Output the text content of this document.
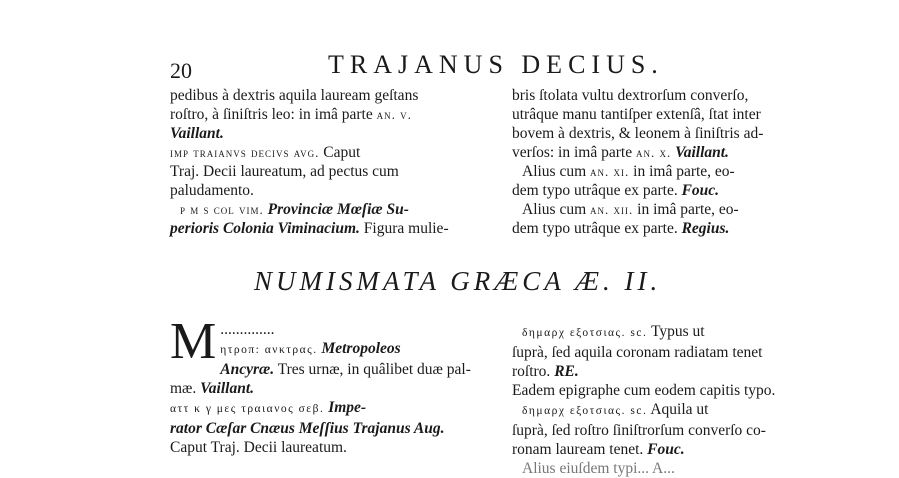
20	TRAJANUS DECIUS.

pedibus à dextris aquila lauream geſtans

roſtro, à ſiniſtris leo: in imâ parte an. v.

Vaillant.

imp traianvs decivs avg. Caput

Traj. Decii laureatum, ad pectus cum

paludamento.

p m s col vim. Provinciæ Mœſiæ Su-

perioris Colonia Viminacium. Figura mulie-

bris ſtolata vultu dextrorſum converſo,

utrâque manu tantiſper extenſâ, ſtat inter

bovem à dextris, & leonem à ſiniſtris ad-

verſos: in imâ parte an. x. Vaillant.

Alius cum an. xi. in imâ parte, eo-

dem typo utrâque ex parte. Fouc.

Alius cum an. xii. in imâ parte, eo-

dem typo utrâque ex parte. Regius.

NUMISMATA GRÆCA Æ. II.
M ..............

ητροπ: ανκτρας. Metropoleos

Ancyræ. Tres urnæ, in quâlibet duæ pal-

mæ. Vaillant.

αττ κ γ μες τραιανος σεβ. Impe-

rator Cæſar Cnæus Meſſius Trajanus Aug.

Caput Traj. Decii laureatum.

δημαρχ εξοτσιας. sc. Typus ut

ſuprà, ſed aquila coronam radiatam tenet

roſtro. RE.

Eadem epigraphe cum eodem capitis typo.

δημαρχ εξοτσιας. sc. Aquila ut

ſuprà, ſed roſtro ſiniſtrorſum converſo co-

ronam lauream tenet. Fouc.

Alius eiuſdem typi... A...
